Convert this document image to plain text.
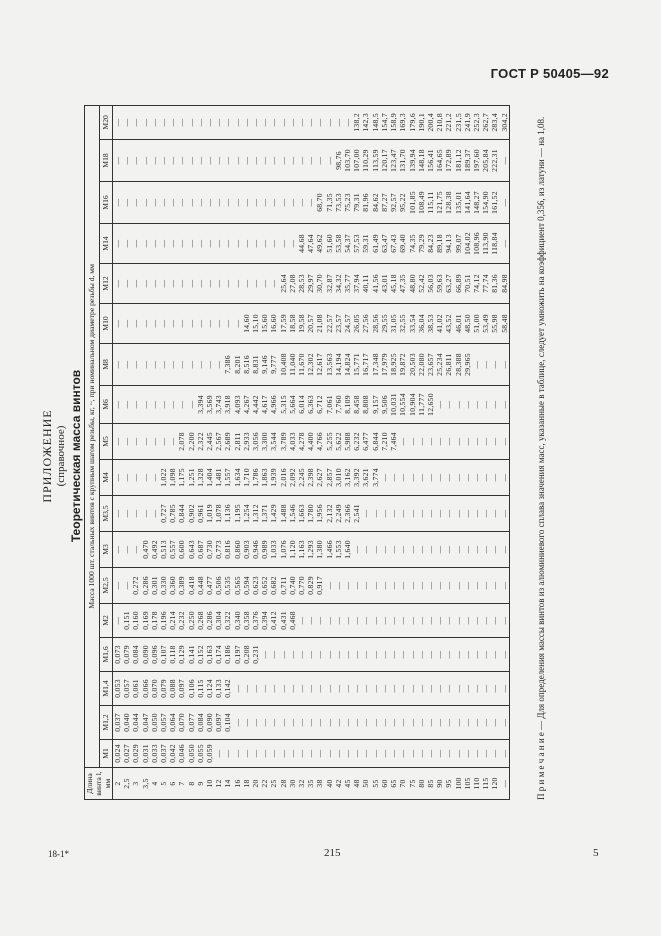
ГОСТ Р 50405—92
ПРИЛОЖЕНИЕ (справочное) Теоретическая масса винтов
Длина винта l, мм	Масса 1000 шт. стальных винтов с крупным шагом резьбы, кг, ~, при номинальном диаметре резьбы d, мм																	
	М1	М1,2	М1,4	М1,6	М2	М2,5	М3	М3,5	М4	М5	М6	М8	М10	М12	М14	М16	М18	М20
2	0,024	0,037	0,053	0,073	—	—	—	—	—	—	—	—	—	—	—	—	—	—
2,5	0,027	0,040	0,057	0,079	0,151	—	—	—	—	—	—	—	—	—	—	—	—	—
3	0,029	0,044	0,061	0,084	0,160	0,272	—	—	—	—	—	—	—	—	—	—	—	—
3,5	0,031	0,047	0,066	0,090	0,169	0,286	0,470	—	—	—	—	—	—	—	—	—	—	—
4	0,033	0,050	0,070	0,096	0,178	0,301	0,492	—	—	—	—	—	—	—	—	—	—	—
5	0,037	0,057	0,079	0,107	0,196	0,330	0,513	0,727	1,022	—	—	—	—	—	—	—	—	—
6	0,042	0,064	0,088	0,118	0,214	0,360	0,557	0,785	1,098	—	—	—	—	—	—	—	—	—
7	0,046	0,070	0,097	0,129	0,232	0,389	0,600	0,844	1,175	2,078	—	—	—	—	—	—	—	—
8	0,050	0,077	0,106	0,141	0,250	0,418	0,643	0,902	1,251	2,200	—	—	—	—	—	—	—	—
9	0,055	0,084	0,115	0,152	0,268	0,448	0,687	0,961	1,328	2,322	3,394	—	—	—	—	—	—	—
10	0,059	0,090	0,124	0,163	0,286	0,477	0,730	1,019	1,404	2,445	3,569	—	—	—	—	—	—	—
12	—	0,097	0,133	0,174	0,304	0,506	0,773	1,078	1,481	2,567	3,743	—	—	—	—	—	—	—
14	—	0,104	0,142	0,186	0,322	0,535	0,816	1,136	1,557	2,689	3,918	7,386	—	—	—	—	—	—
16	—	—	—	0,197	0,340	0,565	0,860	1,195	1,634	2,811	4,093	8,201	—	—	—	—	—	—
18	—	—	—	0,208	0,358	0,594	0,903	1,254	1,710	2,933	4,267	8,516	14,60	—	—	—	—	—
20	—	—	—	0,231	0,376	0,623	0,946	1,312	1,786	3,056	4,442	8,831	15,10	—	—	—	—	—
22	—	—	—	—	0,394	0,652	0,989	1,371	1,863	3,300	4,617	9,146	15,60	—	—	—	—	—
25	—	—	—	—	0,412	0,682	1,033	1,429	1,939	3,544	4,966	9,777	16,60	—	—	—	—	—
28	—	—	—	—	0,431	0,711	1,076	1,488	2,016	3,789	5,315	10,408	17,59	25,64	—	—	—	—
30	—	—	—	—	0,468	0,740	1,120	1,546	2,092	4,033	5,664	11,040	18,58	27,08	—	—	—	—
32	—	—	—	—	—	0,770	1,163	1,663	2,245	4,278	6,014	11,670	19,58	28,53	44,68	—	—	—
35	—	—	—	—	—	0,829	1,293	1,780	2,398	4,400	6,363	12,302	20,57	29,97	47,64	—	—	—
38	—	—	—	—	—	0,917	1,380	1,956	2,627	4,766	6,712	12,617	21,08	30,70	49,62	68,70	—	—
40	—	—	—	—	—	—	1,466	2,132	2,857	5,255	7,061	13,563	22,57	32,87	51,60	71,35	—	—
42	—	—	—	—	—	—	1,553	2,249	3,010	5,622	7,760	14,194	23,57	34,32	53,58	73,53	98,76	—
45	—	—	—	—	—	—	1,640	2,366	3,162	5,988	8,109	14,824	24,57	35,77	54,37	75,23	103,70	—
48	—	—	—	—	—	—	—	2,541	3,392	6,232	8,458	15,771	26,05	37,94	57,53	79,31	107,00	138,2
50	—	—	—	—	—	—	—	—	3,621	6,477	8,808	16,717	27,56	40,11	59,31	81,96	110,29	142,3
55	—	—	—	—	—	—	—	—	3,774	6,844	9,157	17,348	28,56	41,56	61,49	84,62	113,59	148,5
60	—	—	—	—	—	—	—	—	—	7,210	9,506	17,979	29,55	43,01	63,47	87,27	120,17	154,7
65	—	—	—	—	—	—	—	—	—	7,464	10,031	18,925	31,05	45,18	67,43	92,57	123,47	158,9
70	—	—	—	—	—	—	—	—	—	—	10,554	19,872	32,55	47,35	69,40	95,22	131,70	169,3
75	—	—	—	—	—	—	—	—	—	—	10,904	20,503	33,54	48,80	74,35	101,85	139,94	179,6
80	—	—	—	—	—	—	—	—	—	—	11,777	22,080	36,04	52,42	79,29	108,49	148,18	190,1
85	—	—	—	—	—	—	—	—	—	—	12,650	23,657	38,53	56,03	84,23	115,11	156,41	200,4
90	—	—	—	—	—	—	—	—	—	—	—	25,234	41,02	59,63	89,18	121,75	164,65	210,8
95	—	—	—	—	—	—	—	—	—	—	—	26,811	43,52	63,27	94,13	128,38	172,89	221,2
100	—	—	—	—	—	—	—	—	—	—	—	28,388	46,01	66,89	99,07	135,01	181,12	231,5
105	—	—	—	—	—	—	—	—	—	—	—	29,965	48,50	70,51	104,02	141,64	189,37	241,9
110	—	—	—	—	—	—	—	—	—	—	—	—	51,00	74,12	108,96	148,27	197,60	252,3
115	—	—	—	—	—	—	—	—	—	—	—	—	53,49	77,74	113,90	154,90	205,84	262,7
120	—	—	—	—	—	—	—	—	—	—	—	—	55,98	81,36	118,84	161,52	222,31	283,4
—	—	—	—	—	—	—	—	—	—	—	—	—	58,48	84,98	—	—	—	304,2
П р и м е ч а н и е — Для определения массы винтов из алюминиевого сплава значения масс, указанные в таблице, следует умножить на коэффициент 0,356, из латуни — на 1,08.
18-1*	215	5
